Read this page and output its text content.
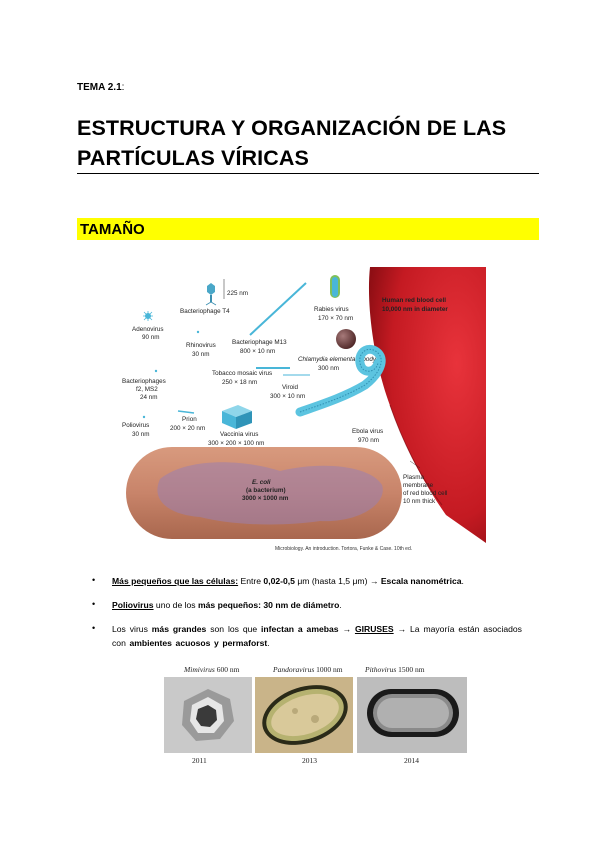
TEMA 2.1:
ESTRUCTURA Y ORGANIZACIÓN DE LAS
PARTÍCULAS VÍRICAS
TAMAÑO
Human red blood cell
10,000 nm in diameter
E. coli
(a bacterium)
3000 × 1000 nm
225 nm
Bacteriophage T4
Adenovirus
90 nm
Rhinovirus
30 nm
Bacteriophage M13
800 × 10 nm
Rabies virus
170 × 70 nm
Chlamydia elementary body
300 nm
Tobacco mosaic virus
250 × 18 nm
Bacteriophages
f2, MS2
24 nm
Viroid
300 × 10 nm
Ebola virus
970 nm
Prion
200 × 20 nm
Poliovirus
30 nm	Vaccinia virus
300 × 200 × 100 nm
Plasma
membrane
of red blood cell
10 nm thick
Microbiology. An introduction. Tortora, Funke & Case. 10th ed.
• Más pequeños que las células: Entre 0,02-0,5 μm (hasta 1,5 μm) → Escala nanométrica.
• Poliovirus uno de los más pequeños: 30 nm de diámetro.
• Los virus más grandes son los que infectan a amebas → GIRUSES → La mayoría están asociados con ambientes acuosos y permaforst.
Mimivirus 600 nm	Pandoravirus 1000 nm	Pithovirus 1500 nm
2011	2013	2014
